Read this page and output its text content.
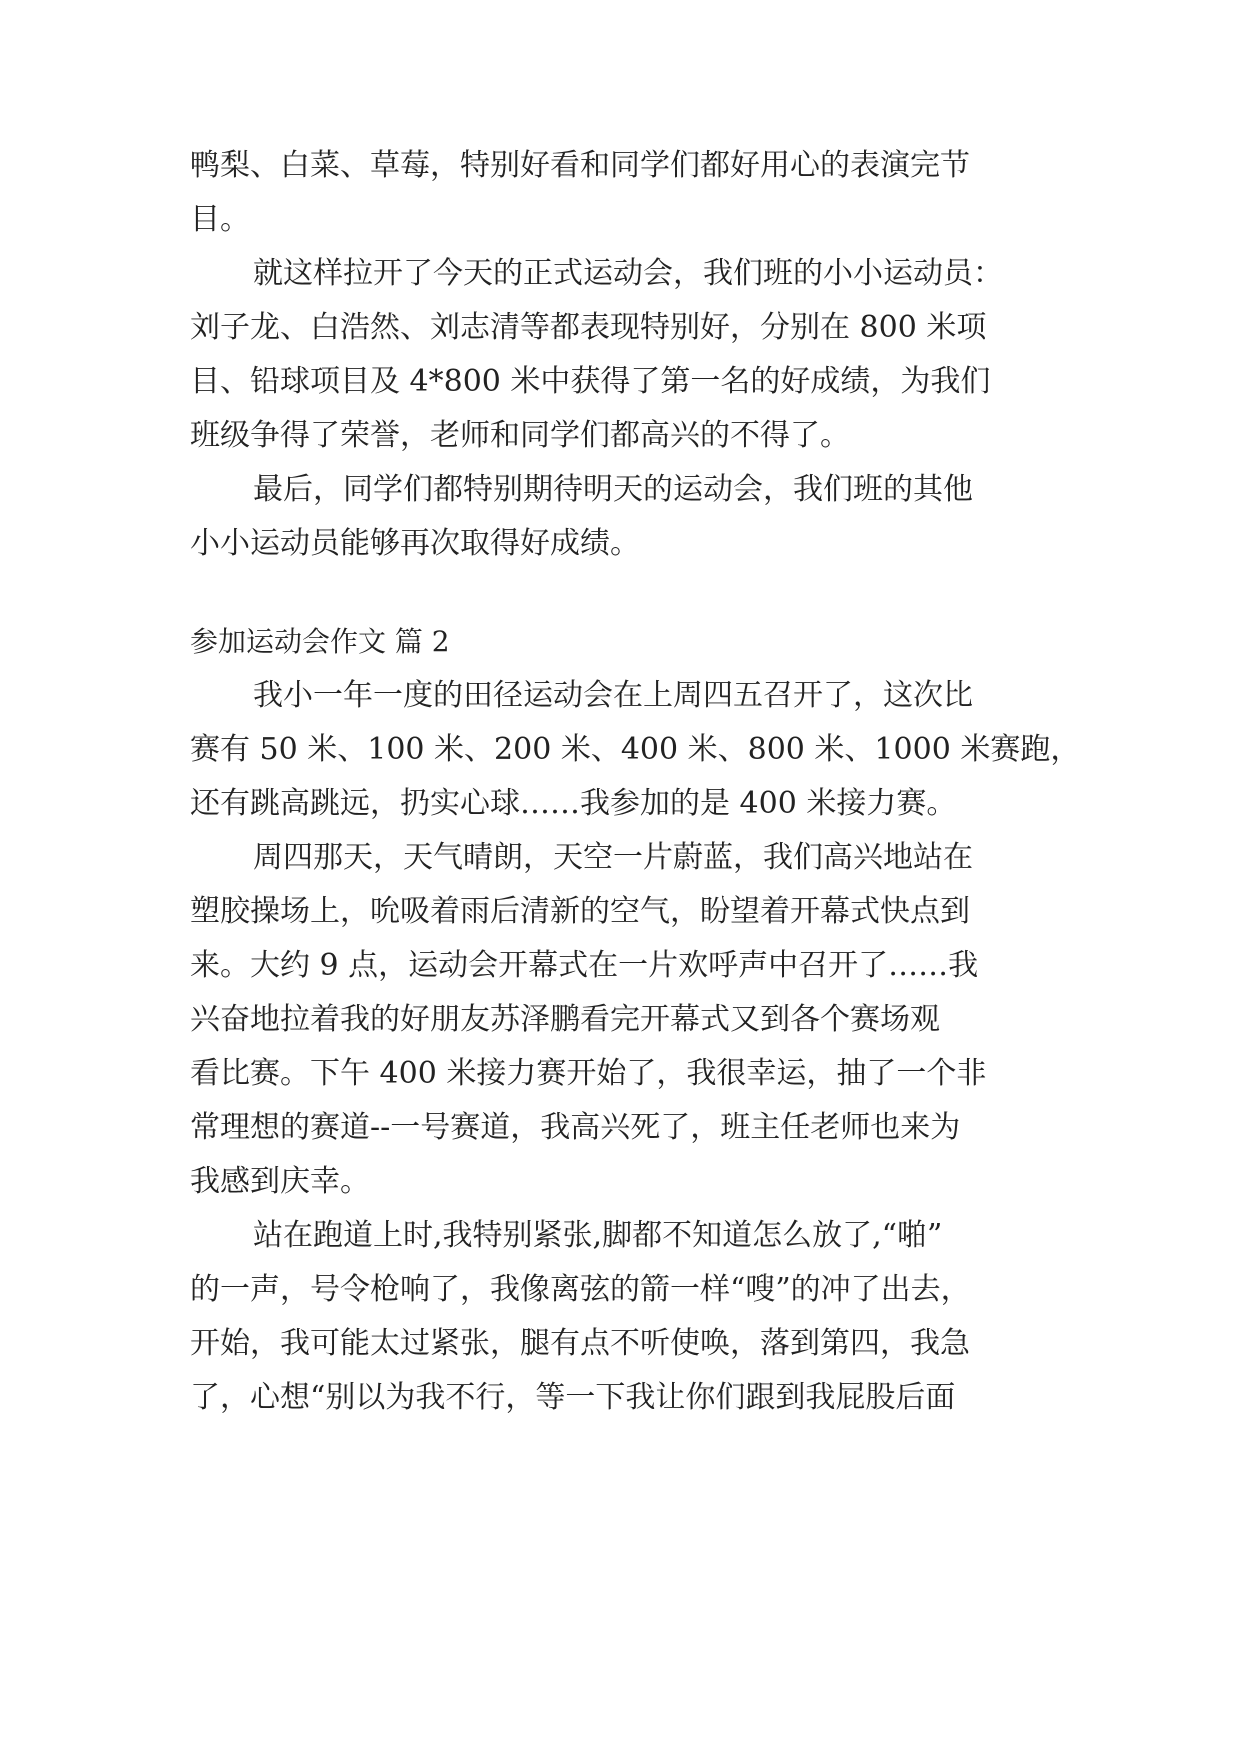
鸭梨、白菜、草莓，特别好看和同学们都好用心的表演完节
目。
就这样拉开了今天的正式运动会，我们班的小小运动员：
刘子龙、白浩然、刘志清等都表现特别好，分别在 800 米项
目、铅球项目及 4*800 米中获得了第一名的好成绩，为我们
班级争得了荣誉，老师和同学们都高兴的不得了。
最后，同学们都特别期待明天的运动会，我们班的其他
小小运动员能够再次取得好成绩。
参加运动会作文 篇 2
我小一年一度的田径运动会在上周四五召开了，这次比
赛有 50 米、100 米、200 米、400 米、800 米、1000 米赛跑，
还有跳高跳远，扔实心球……我参加的是 400 米接力赛。
周四那天，天气晴朗，天空一片蔚蓝，我们高兴地站在
塑胶操场上，吮吸着雨后清新的空气，盼望着开幕式快点到
来。大约 9 点，运动会开幕式在一片欢呼声中召开了……我
兴奋地拉着我的好朋友苏泽鹏看完开幕式又到各个赛场观
看比赛。下午 400 米接力赛开始了，我很幸运，抽了一个非
常理想的赛道--一号赛道，我高兴死了，班主任老师也来为
我感到庆幸。
站在跑道上时,我特别紧张,脚都不知道怎么放了,“啪”
的一声，号令枪响了，我像离弦的箭一样“嗖”的冲了出去，
开始，我可能太过紧张，腿有点不听使唤，落到第四，我急
了，心想“别以为我不行，等一下我让你们跟到我屁股后面
